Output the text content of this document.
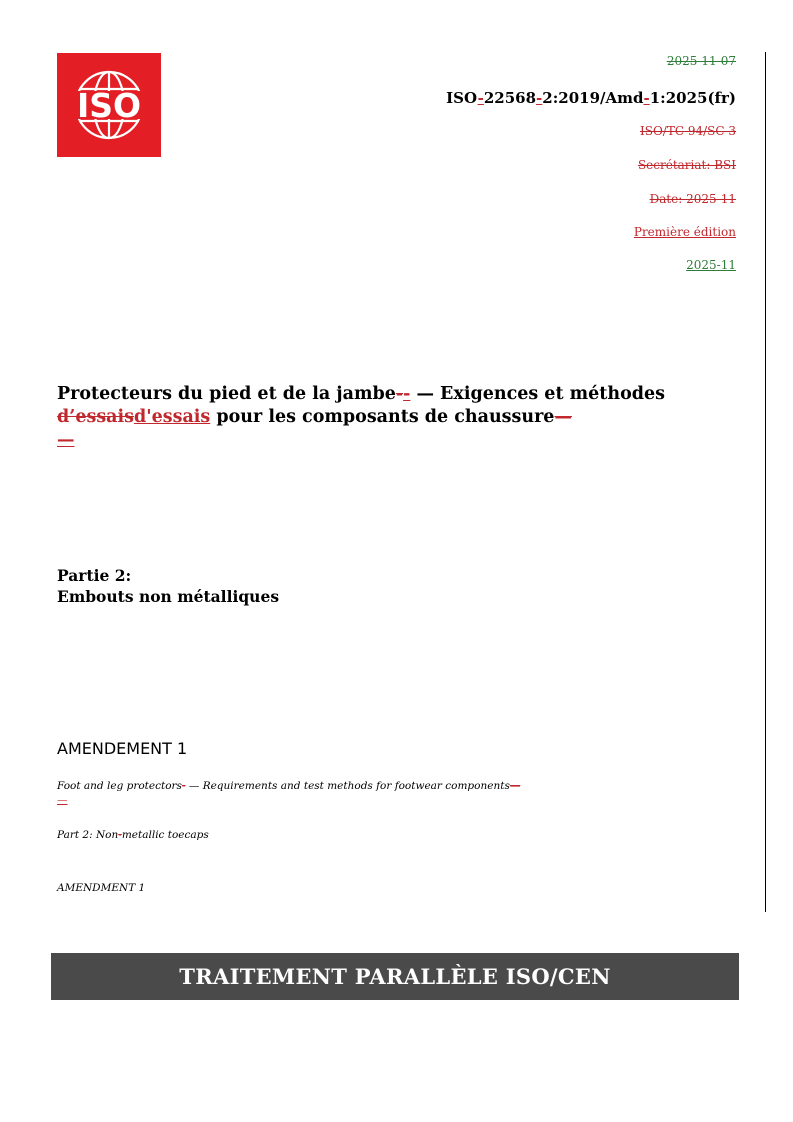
ISO
2025-11-07
ISO-22568-2:2019/Amd-1:2025(fr)
ISO/TC 94/SC 3
Secrétariat: BSI
Date: 2025-11
Première édition
2025-11
Protecteurs du pied et de la jambe-- — Exigences et méthodes
d’essaisd'essais pour les composants de chaussure—
—
Partie 2:
Embouts non métalliques
AMENDEMENT 1
Foot and leg protectors- — Requirements and test methods for footwear components—
—
Part 2: Non-metallic toecaps
AMENDMENT 1
TRAITEMENT PARALLÈLE ISO/CEN
